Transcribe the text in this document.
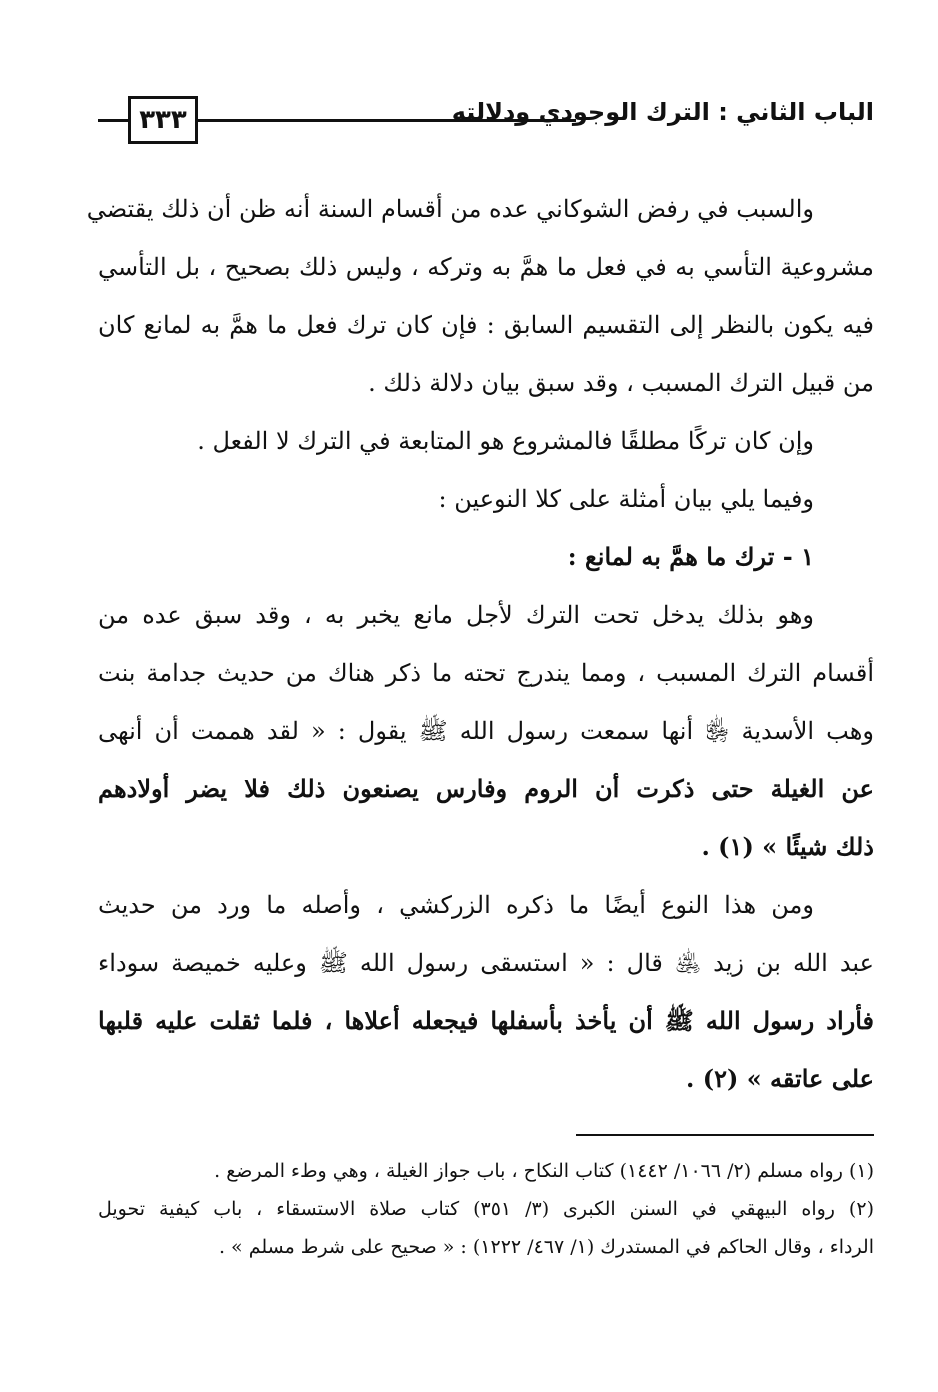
٣٣٣	الباب الثاني : الترك الوجودي ودلالته
والسبب في رفض الشوكاني عده من أقسام السنة أنه ظن أن ذلك يقتضي
مشروعية التأسي به في فعل ما همَّ به وتركه ، وليس ذلك بصحيح ، بل التأسي
فيه يكون بالنظر إلى التقسيم السابق : فإن كان ترك فعل ما همَّ به لمانع كان
من قبيل الترك المسبب ، وقد سبق بيان دلالة ذلك .
وإن كان تركًا مطلقًا فالمشروع هو المتابعة في الترك لا الفعل .
وفيما يلي بيان أمثلة على كلا النوعين :
١ - ترك ما همَّ به لمانع :
وهو بذلك يدخل تحت الترك لأجل مانع يخبر به ، وقد سبق عده من
أقسام الترك المسبب ، ومما يندرج تحته ما ذكر هناك من حديث جدامة بنت
وهب الأسدية ﵂ أنها سمعت رسول الله ﷺ يقول : « لقد هممت أن أنهى
عن الغيلة حتى ذكرت أن الروم وفارس يصنعون ذلك فلا يضر أولادهم
ذلك شيئًا » (١) .
ومن هذا النوع أيضًا ما ذكره الزركشي ، وأصله ما ورد من حديث
عبد الله بن زيد ﵁ قال : « استسقى رسول الله ﷺ وعليه خميصة سوداء
فأراد رسول الله ﷺ أن يأخذ بأسفلها فيجعله أعلاها ، فلما ثقلت عليه قلبها
على عاتقه » (٢) .
(١) رواه مسلم (٢/ ١٠٦٦/ ١٤٤٢) كتاب النكاح ، باب جواز الغيلة ، وهي وطء المرضع .
(٢) رواه البيهقي في السنن الكبرى (٣/ ٣٥١) كتاب صلاة الاستسقاء ، باب كيفية تحويل
الرداء ، وقال الحاكم في المستدرك (١/ ٤٦٧/ ١٢٢٢) : « صحيح على شرط مسلم » .
